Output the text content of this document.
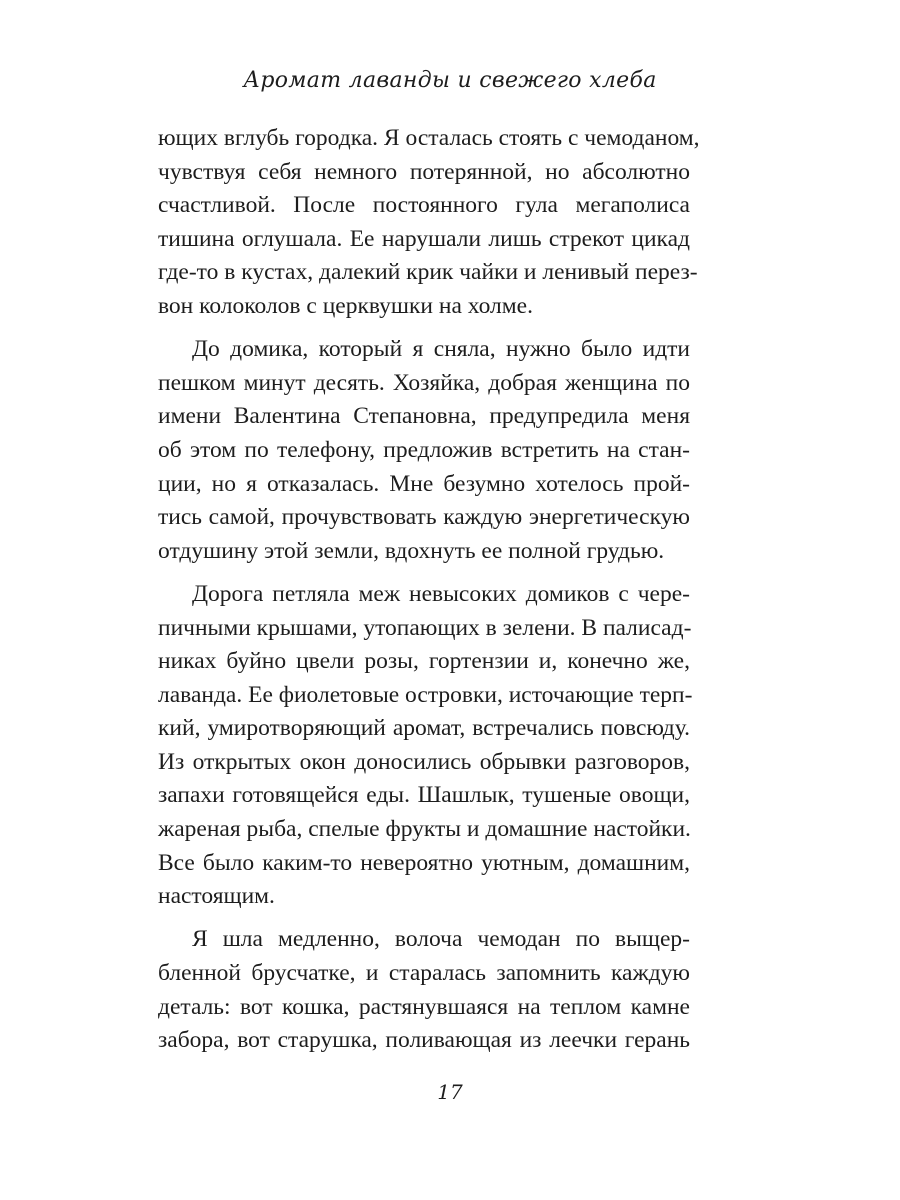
Аромат лаванды и свежего хлеба

ющих вглубь городка. Я осталась стоять с чемоданом,
чувствуя себя немного потерянной, но абсолютно
счастливой. После постоянного гула мегаполиса
тишина оглушала. Ее нарушали лишь стрекот цикад
где-то в кустах, далекий крик чайки и ленивый перез-
вон колоколов с церквушки на холме.

До домика, который я сняла, нужно было идти
пешком минут десять. Хозяйка, добрая женщина по
имени Валентина Степановна, предупредила меня
об этом по телефону, предложив встретить на стан-
ции, но я отказалась. Мне безумно хотелось прой-
тись самой, прочувствовать каждую энергетическую
отдушину этой земли, вдохнуть ее полной грудью.

Дорога петляла меж невысоких домиков с чере-
пичными крышами, утопающих в зелени. В палисад-
никах буйно цвели розы, гортензии и, конечно же,
лаванда. Ее фиолетовые островки, источающие терп-
кий, умиротворяющий аромат, встречались повсюду.
Из открытых окон доносились обрывки разговоров,
запахи готовящейся еды. Шашлык, тушеные овощи,
жареная рыба, спелые фрукты и домашние настойки.
Все было каким-то невероятно уютным, домашним,
настоящим.

Я шла медленно, волоча чемодан по выщер-
бленной брусчатке, и старалась запомнить каждую
деталь: вот кошка, растянувшаяся на теплом камне
забора, вот старушка, поливающая из леечки герань

17
